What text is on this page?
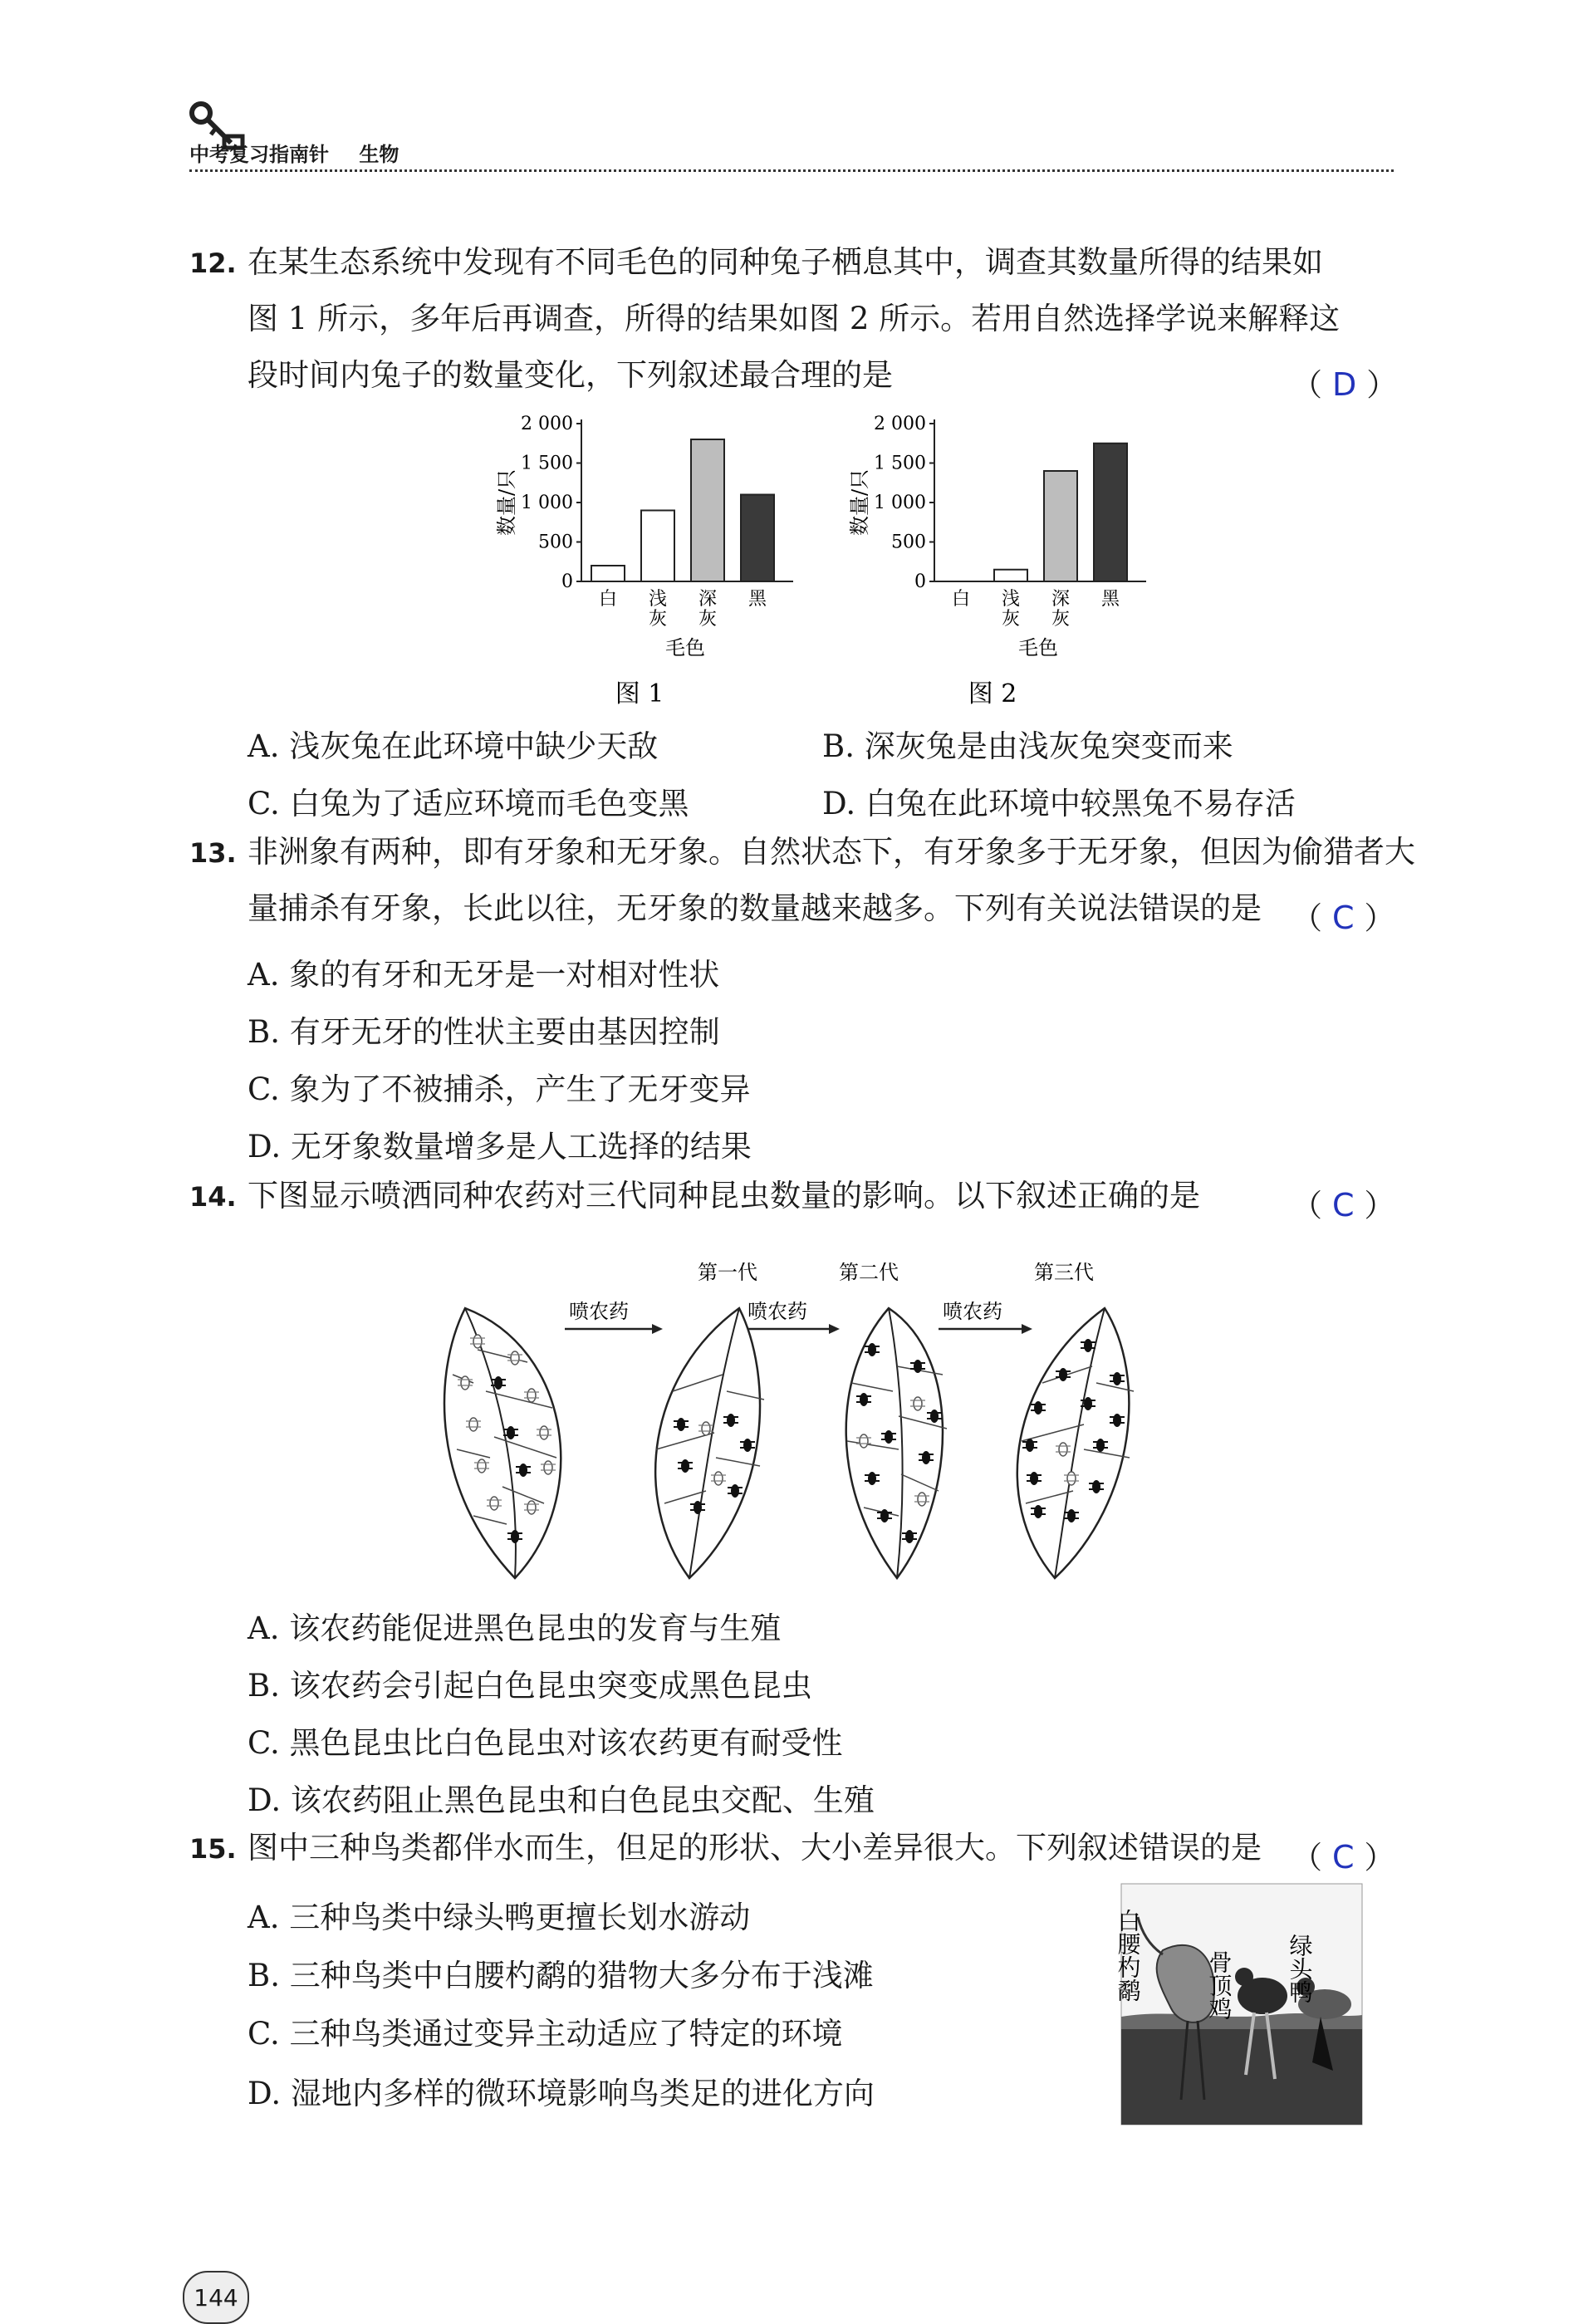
中考复习指南针 生物
12. 在某生态系统中发现有不同毛色的同种兔子栖息其中，调查其数量所得的结果如
图 1 所示，多年后再调查，所得的结果如图 2 所示。若用自然选择学说来解释这
段时间内兔子的数量变化，下列叙述最合理的是	（ D ）
0
500
1 000
1 500
2 000
数量/只
白 浅
灰
深
灰
黑
毛色
图 1
0
500
1 000
1 500
2 000
数量/只
白 浅
灰
深
灰
黑
毛色
图 2
A. 浅灰兔在此环境中缺少天敌	B. 深灰兔是由浅灰兔突变而来
C. 白兔为了适应环境而毛色变黑	D. 白兔在此环境中较黑兔不易存活
13. 非洲象有两种，即有牙象和无牙象。自然状态下，有牙象多于无牙象，但因为偷猎者大
量捕杀有牙象，长此以往，无牙象的数量越来越多。下列有关说法错误的是 （ C ）
A. 象的有牙和无牙是一对相对性状
B. 有牙无牙的性状主要由基因控制
C. 象为了不被捕杀，产生了无牙变异
D. 无牙象数量增多是人工选择的结果
14. 下图显示喷洒同种农药对三代同种昆虫数量的影响。以下叙述正确的是	（ C ）
第一代	第二代	第三代
喷农药	喷农药	喷农药
A. 该农药能促进黑色昆虫的发育与生殖
B. 该农药会引起白色昆虫突变成黑色昆虫
C. 黑色昆虫比白色昆虫对该农药更有耐受性
D. 该农药阻止黑色昆虫和白色昆虫交配、生殖
15. 图中三种鸟类都伴水而生，但足的形状、大小差异很大。下列叙述错误的是 （ C ）
A. 三种鸟类中绿头鸭更擅长划水游动
B. 三种鸟类中白腰杓鹬的猎物大多分布于浅滩
C. 三种鸟类通过变异主动适应了特定的环境
D. 湿地内多样的微环境影响鸟类足的进化方向
白腰杓鹬	骨顶鸡 绿头鸭
144
